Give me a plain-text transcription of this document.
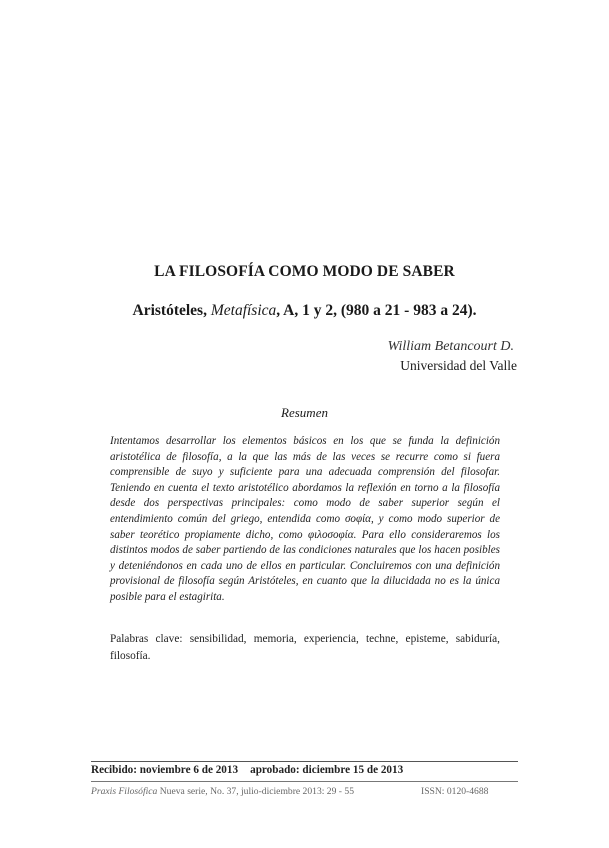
LA FILOSOFÍA COMO MODO DE SABER
Aristóteles, Metafísica, A, 1 y 2, (980 a 21 - 983 a 24).
William Betancourt D.
Universidad del Valle
Resumen
Intentamos desarrollar los elementos básicos en los que se funda la definición aristotélica de filosofía, a la que las más de las veces se recurre como si fuera comprensible de suyo y suficiente para una adecuada comprensión del filosofar. Teniendo en cuenta el texto aristotélico abordamos la reflexión en torno a la filosofía desde dos perspectivas principales: como modo de saber superior según el entendimiento común del griego, entendida como σοφία, y como modo superior de saber teorético propiamente dicho, como φιλοσοφία. Para ello consideraremos los distintos modos de saber partiendo de las condiciones naturales que los hacen posibles y deteniéndonos en cada uno de ellos en particular. Concluiremos con una definición provisional de filosofía según Aristóteles, en cuanto que la dilucidada no es la única posible para el estagirita.
Palabras clave: sensibilidad, memoria, experiencia, techne, episteme, sabiduría, filosofía.
Recibido: noviembre 6 de 2013 aprobado: diciembre 15 de 2013
Praxis Filosófica Nueva serie, No. 37, julio-diciembre 2013: 29 - 55	ISSN: 0120-4688
